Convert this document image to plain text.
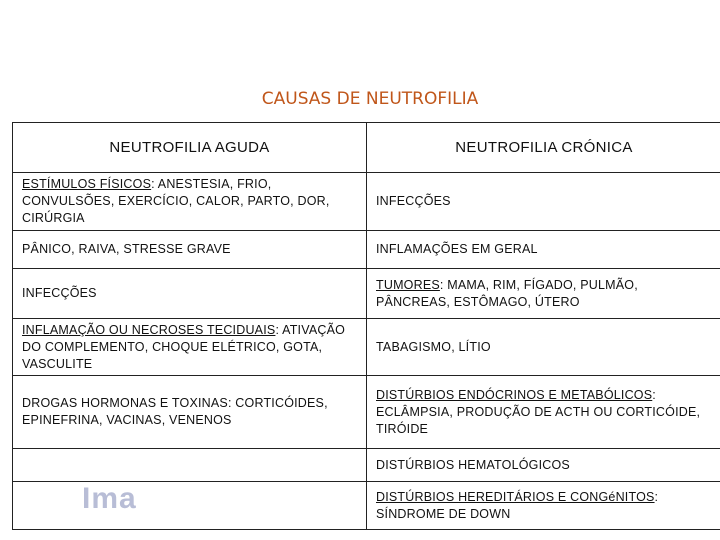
CAUSAS DE NEUTROFILIA
NEUTROFILIA AGUDA	NEUTROFILIA CRÓNICA
ESTÍMULOS FÍSICOS: ANESTESIA, FRIO, CONVULSÕES, EXERCÍCIO, CALOR, PARTO, DOR, CIRÚRGIA	INFECÇÕES
PÂNICO, RAIVA, STRESSE GRAVE	INFLAMAÇÕES EM GERAL
INFECÇÕES	TUMORES: MAMA, RIM, FÍGADO, PULMÃO, PÂNCREAS, ESTÔMAGO, ÚTERO
INFLAMAÇÃO OU NECROSES TECIDUAIS: ATIVAÇÃO DO COMPLEMENTO, CHOQUE ELÉTRICO, GOTA, VASCULITE	TABAGISMO, LÍTIO
DROGAS HORMONAS E TOXINAS: CORTICÓIDES, EPINEFRINA, VACINAS, VENENOS	DISTÚRBIOS ENDÓCRINOS E METABÓLICOS: ECLÂMPSIA, PRODUÇÃO DE ACTH OU CORTICÓIDE, TIRÓIDE
	DISTÚRBIOS HEMATOLÓGICOS
	DISTÚRBIOS HEREDITÁRIOS E CONGéNITOS: SÍNDROME DE DOWN
Ima
